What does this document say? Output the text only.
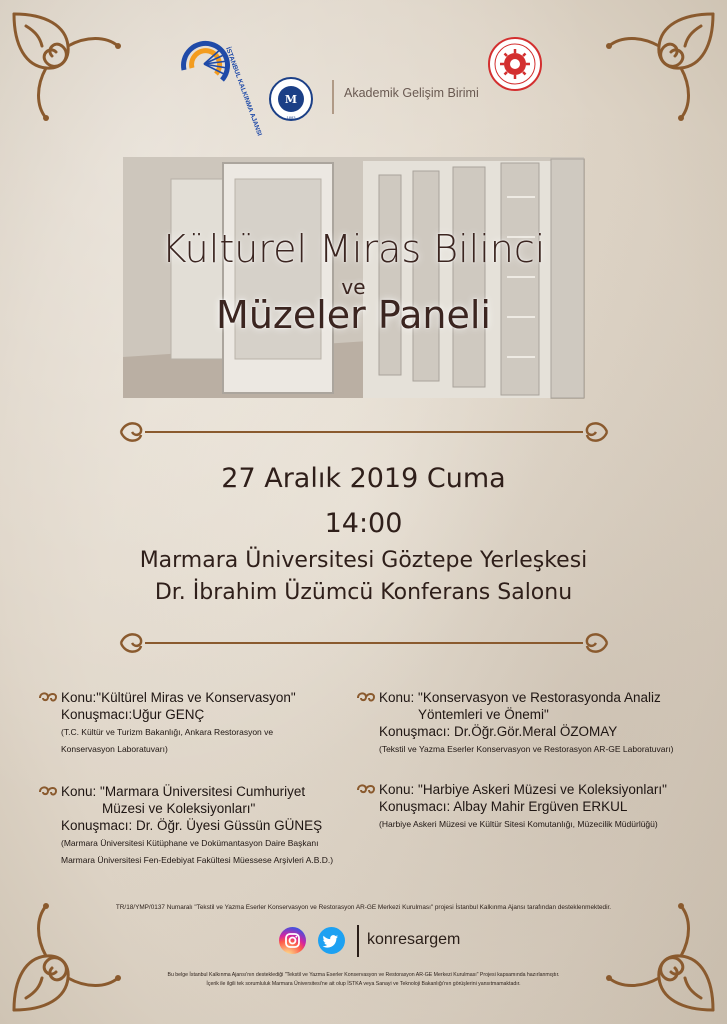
İSTANBUL KALKINMA AJANSI M
1883
Akademik Gelişim Birimi
Kültürel Miras Bilinci
ve
Müzeler Paneli
27 Aralık 2019 Cuma
14:00
Marmara Üniversitesi Göztepe Yerleşkesi
Dr. İbrahim Üzümcü Konferans Salonu
Konu:"Kültürel Miras ve Konservasyon"
Konuşmacı:Uğur GENÇ
(T.C. Kültür ve Turizm Bakanlığı, Ankara Restorasyon ve
Konservasyon Laboratuvarı)
Konu: "Konservasyon ve Restorasyonda Analiz
Yöntemleri ve Önemi"
Konuşmacı: Dr.Öğr.Gör.Meral ÖZOMAY
(Tekstil ve Yazma Eserler Konservasyon ve Restorasyon AR-GE Laboratuvarı)
Konu: "Marmara Üniversitesi Cumhuriyet
Müzesi ve Koleksiyonları"
Konuşmacı: Dr. Öğr. Üyesi Güssün GÜNEŞ
(Marmara Üniversitesi Kütüphane ve Dokümantasyon Daire Başkanı
Marmara Üniversitesi Fen-Edebiyat Fakültesi Müessese Arşivleri A.B.D.)
Konu: "Harbiye Askeri Müzesi ve Koleksiyonları"
Konuşmacı: Albay Mahir Ergüven ERKUL
(Harbiye Askeri Müzesi ve Kültür Sitesi Komutanlığı, Müzecilik Müdürlüğü)
TR/18/YMP/0137 Numaralı "Tekstil ve Yazma Eserler Konservasyon ve Restorasyon AR-GE Merkezi Kurulması" projesi İstanbul Kalkınma Ajansı tarafından desteklenmektedir.
konresargem
Bu belge İstanbul Kalkınma Ajansı'nın desteklediği "Tekstil ve Yazma Eserler Konservasyon ve Restorasyon AR-GE Merkezi Kurulması" Projesi kapsamında hazırlanmıştır.
İçerik ile ilgili tek sorumluluk Marmara Üniversitesi'ne ait olup İSTKA veya Sanayi ve Teknoloji Bakanlığı'nın görüşlerini yansıtmamaktadır.
